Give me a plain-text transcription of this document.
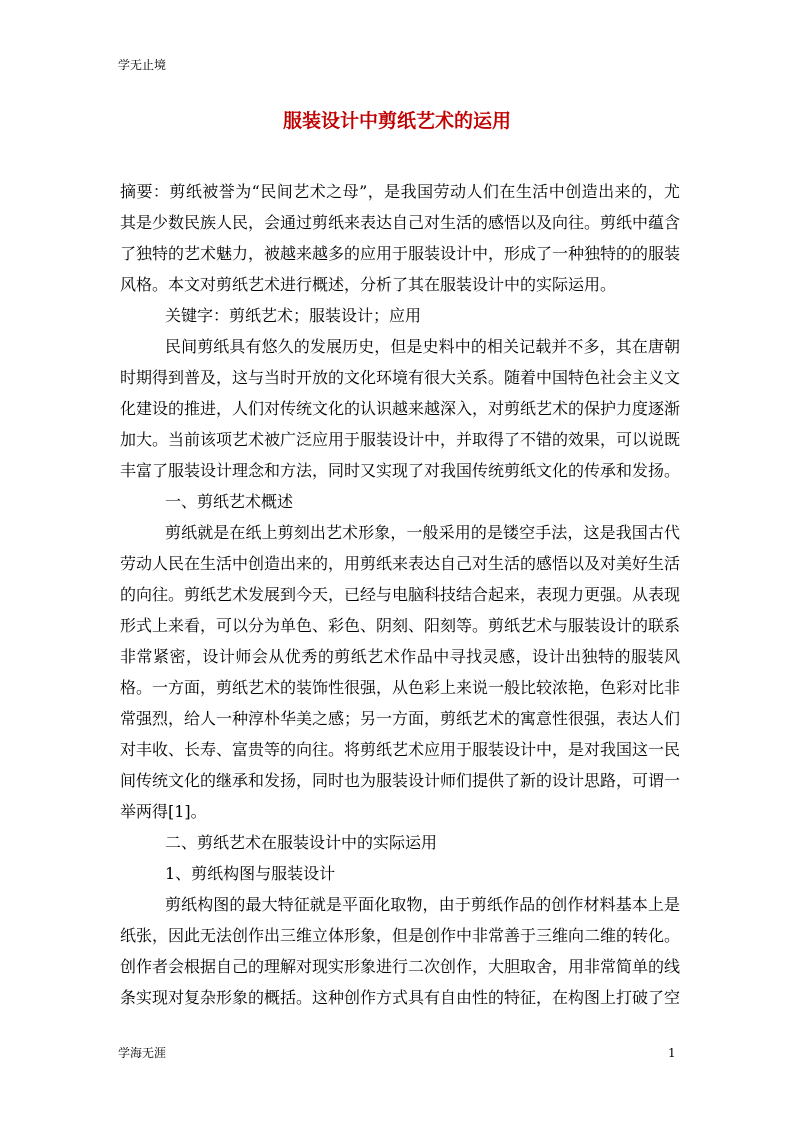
学无止境
服装设计中剪纸艺术的运用

摘要：剪纸被誉为“民间艺术之母”，是我国劳动人们在生活中创造出来的，尤其是少数民族人民，会通过剪纸来表达自己对生活的感悟以及向往。剪纸中蕴含了独特的艺术魅力，被越来越多的应用于服装设计中，形成了一种独特的的服装风格。本文对剪纸艺术进行概述，分析了其在服装设计中的实际运用。

关键字：剪纸艺术；服装设计；应用

民间剪纸具有悠久的发展历史，但是史料中的相关记载并不多，其在唐朝时期得到普及，这与当时开放的文化环境有很大关系。随着中国特色社会主义文化建设的推进，人们对传统文化的认识越来越深入，对剪纸艺术的保护力度逐渐加大。当前该项艺术被广泛应用于服装设计中，并取得了不错的效果，可以说既丰富了服装设计理念和方法，同时又实现了对我国传统剪纸文化的传承和发扬。

一、剪纸艺术概述

剪纸就是在纸上剪刻出艺术形象，一般采用的是镂空手法，这是我国古代劳动人民在生活中创造出来的，用剪纸来表达自己对生活的感悟以及对美好生活的向往。剪纸艺术发展到今天，已经与电脑科技结合起来，表现力更强。从表现形式上来看，可以分为单色、彩色、阴刻、阳刻等。剪纸艺术与服装设计的联系非常紧密，设计师会从优秀的剪纸艺术作品中寻找灵感，设计出独特的服装风格。一方面，剪纸艺术的装饰性很强，从色彩上来说一般比较浓艳，色彩对比非常强烈，给人一种淳朴华美之感；另一方面，剪纸艺术的寓意性很强，表达人们对丰收、长寿、富贵等的向往。将剪纸艺术应用于服装设计中，是对我国这一民间传统文化的继承和发扬，同时也为服装设计师们提供了新的设计思路，可谓一举两得[1]。

二、剪纸艺术在服装设计中的实际运用

1、剪纸构图与服装设计

剪纸构图的最大特征就是平面化取物，由于剪纸作品的创作材料基本上是纸张，因此无法创作出三维立体形象，但是创作中非常善于三维向二维的转化。创作者会根据自己的理解对现实形象进行二次创作，大胆取舍，用非常简单的线条实现对复杂形象的概括。这种创作方式具有自由性的特征，在构图上打破了空

学海无涯	1
